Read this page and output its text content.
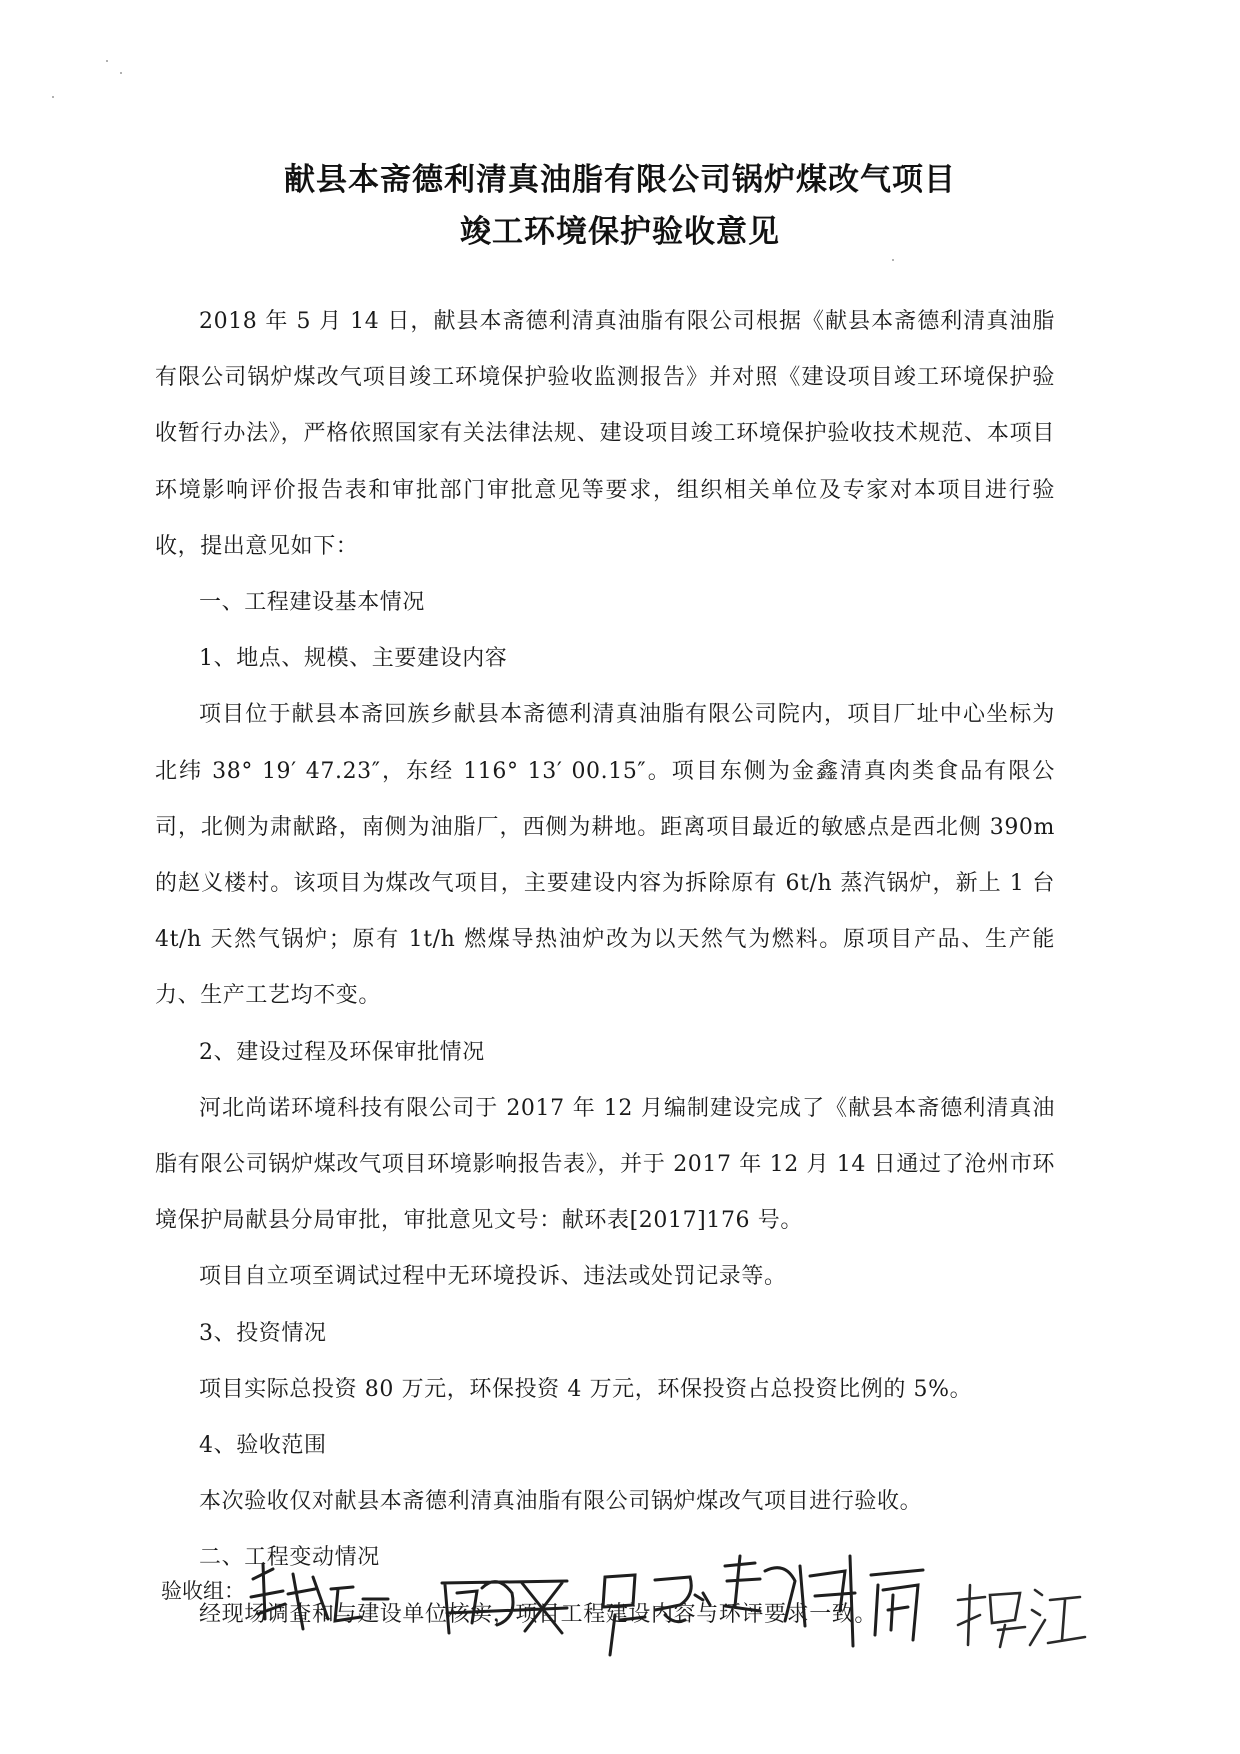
献县本斋德利清真油脂有限公司锅炉煤改气项目
竣工环境保护验收意见

2018 年 5 月 14 日，献县本斋德利清真油脂有限公司根据《献县本斋德利清真油脂有限公司锅炉煤改气项目竣工环境保护验收监测报告》并对照《建设项目竣工环境保护验收暂行办法》，严格依照国家有关法律法规、建设项目竣工环境保护验收技术规范、本项目环境影响评价报告表和审批部门审批意见等要求，组织相关单位及专家对本项目进行验收，提出意见如下：

一、工程建设基本情况

1、地点、规模、主要建设内容

项目位于献县本斋回族乡献县本斋德利清真油脂有限公司院内，项目厂址中心坐标为北纬 38° 19′ 47.23″，东经 116° 13′ 00.15″。项目东侧为金鑫清真肉类食品有限公司，北侧为肃献路，南侧为油脂厂，西侧为耕地。距离项目最近的敏感点是西北侧 390m 的赵义楼村。该项目为煤改气项目，主要建设内容为拆除原有 6t/h 蒸汽锅炉，新上 1 台 4t/h 天然气锅炉；原有 1t/h 燃煤导热油炉改为以天然气为燃料。原项目产品、生产能力、生产工艺均不变。

2、建设过程及环保审批情况

河北尚诺环境科技有限公司于 2017 年 12 月编制建设完成了《献县本斋德利清真油脂有限公司锅炉煤改气项目环境影响报告表》，并于 2017 年 12 月 14 日通过了沧州市环境保护局献县分局审批，审批意见文号：献环表[2017]176 号。

项目自立项至调试过程中无环境投诉、违法或处罚记录等。

3、投资情况

项目实际总投资 80 万元，环保投资 4 万元，环保投资占总投资比例的 5%。

4、验收范围

本次验收仅对献县本斋德利清真油脂有限公司锅炉煤改气项目进行验收。

二、工程变动情况

经现场调查和与建设单位核实，项目工程建设内容与环评要求一致。

验收组：
